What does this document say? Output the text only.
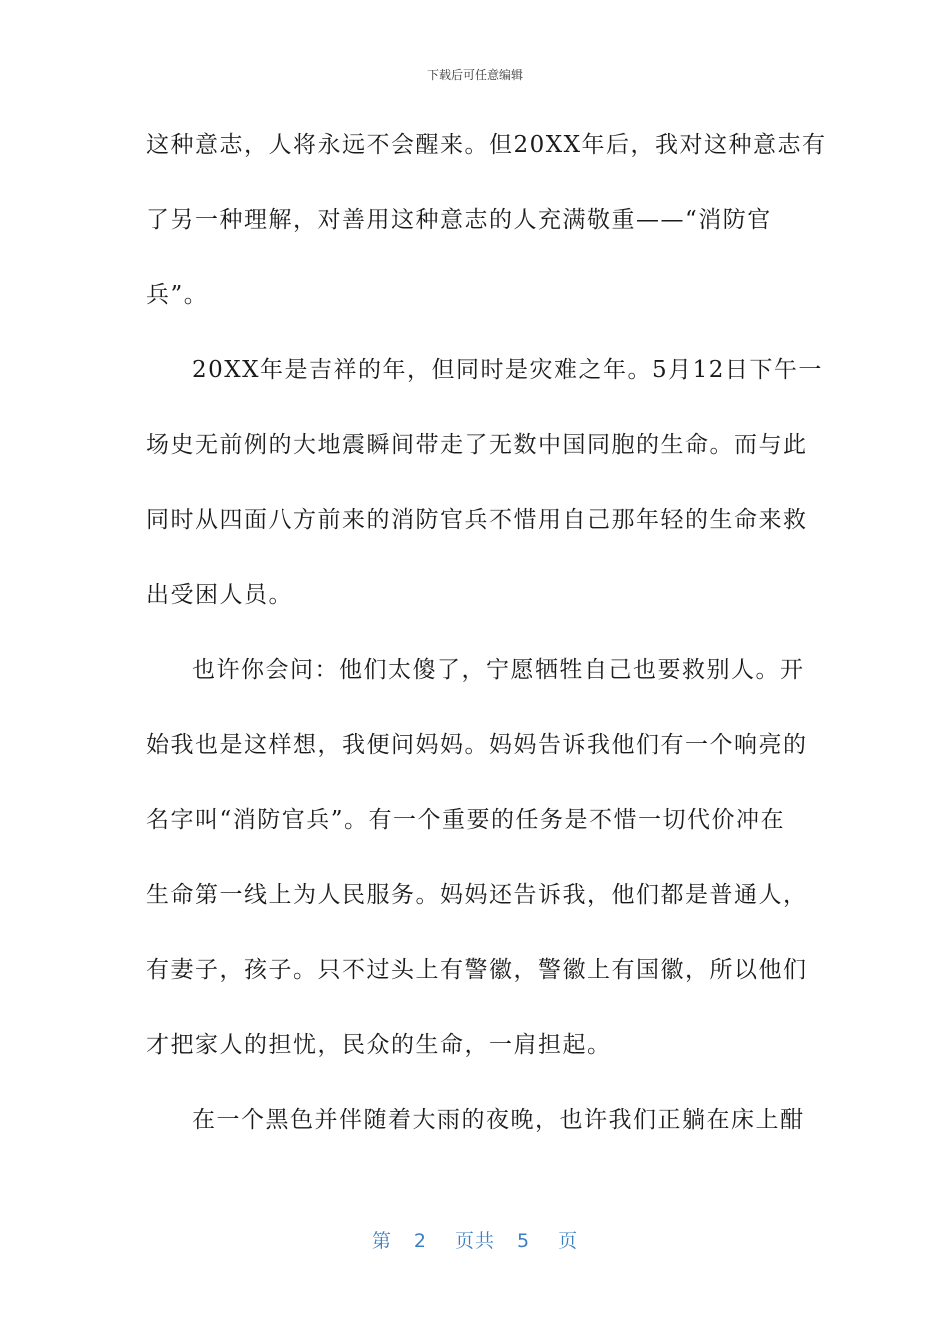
下载后可任意编辑
这种意志，人将永远不会醒来。但20XX年后，我对这种意志有
了另一种理解，对善用这种意志的人充满敬重——“消防官
兵”。
20XX年是吉祥的年，但同时是灾难之年。5月12日下午一
场史无前例的大地震瞬间带走了无数中国同胞的生命。而与此
同时从四面八方前来的消防官兵不惜用自己那年轻的生命来救
出受困人员。
也许你会问：他们太傻了，宁愿牺牲自己也要救别人。开
始我也是这样想，我便问妈妈。妈妈告诉我他们有一个响亮的
名字叫“消防官兵”。有一个重要的任务是不惜一切代价冲在
生命第一线上为人民服务。妈妈还告诉我，他们都是普通人，
有妻子，孩子。只不过头上有警徽，警徽上有国徽，所以他们
才把家人的担忧，民众的生命，一肩担起。
在一个黑色并伴随着大雨的夜晚，也许我们正躺在床上酣
第 2 页共 5 页
